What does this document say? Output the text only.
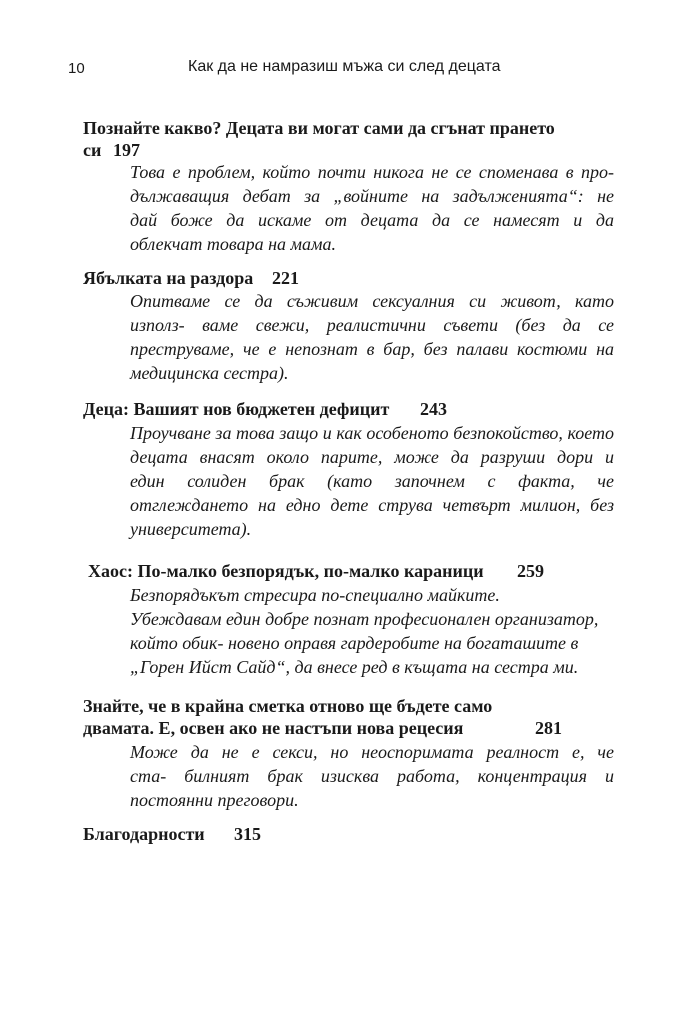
10	Как да не намразиш мъжа си след децата
Познайте какво? Децата ви могат сами да сгънат прането
си 197
Това е проблем, който почти никога не се споменава в про-
дължаващия дебат за „войните на задълженията“: не
дай боже да искаме от децата да се намесят и да
облекчат товара на мама.
Ябълката на раздора 221
Опитваме се да съживим сексуалния си живот, като
използ- ваме свежи, реалистични съвети (без да се
преструваме, че е непознат в бар, без палави костюми на
медицинска сестра).
Деца: Вашият нов бюджетен дефицит 243
Проучване за това защо и как особеното безпокойство, което
децата внасят около парите, може да разруши дори и
един солиден брак (като започнем с факта, че
отглеждането на едно дете струва четвърт милион, без
университета).
Хаос: По-малко безпорядък, по-малко караници 259
Безпорядъкът стресира по-специално майките.
Убеждавам един добре познат професионален организатор,
който обик- новено оправя гардеробите на богаташите в
„Горен Ийст Сайд“, да внесе ред в къщата на сестра ми.
Знайте, че в крайна сметка отново ще бъдете само
двамата. Е, освен ако не настъпи нова рецесия	281
Може да не е секси, но неоспоримата реалност е, че
ста- билният брак изисква работа, концентрация и
постоянни преговори.
Благодарности 315
